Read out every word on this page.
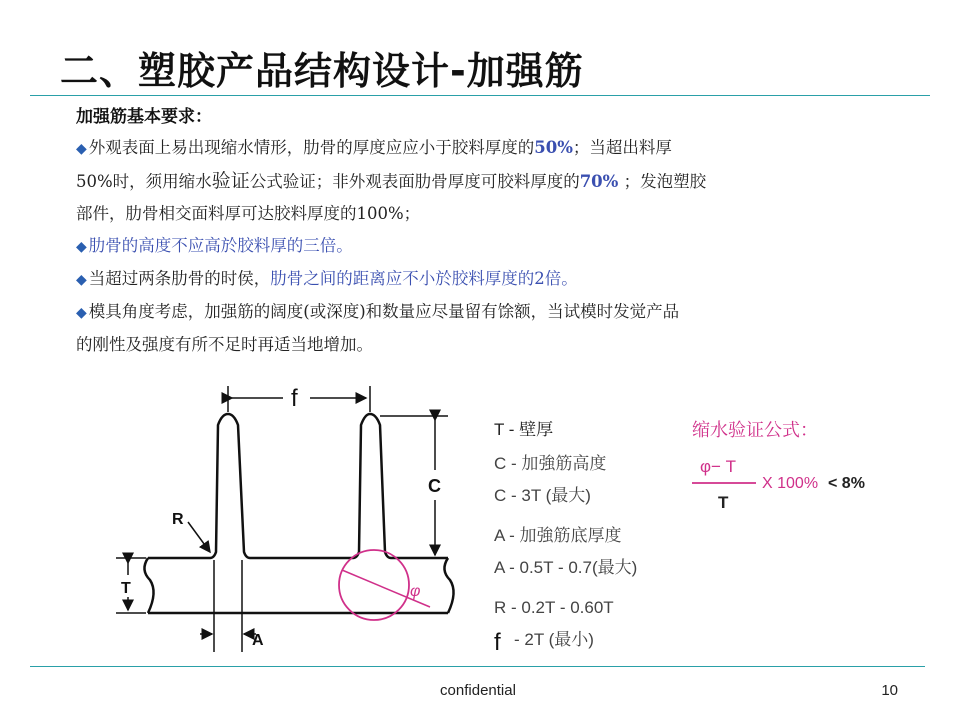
二、塑胶产品结构设计-加强筋
加强筋基本要求：
◆ 外观表面上易出现缩水情形，肋骨的厚度应应小于胶料厚度的50%；当超出料厚
50%时，须用缩水验证公式验证；非外观表面肋骨厚度可胶料厚度的70% ；发泡塑胶
部件，肋骨相交面料厚可达胶料厚度的100%；
◆ 肋骨的高度不应高於胶料厚的三倍。
◆ 当超过两条肋骨的时侯，肋骨之间的距离应不小於胶料厚度的2倍。
◆ 模具角度考虑，加强筋的阔度(或深度)和数量应尽量留有馀额，当试模时发觉产品
的刚性及强度有所不足时再适当地增加。
f
C
R
T
A
φ
T - 壁厚
C - 加強筋高度
C - 3T (最大)
A - 加強筋底厚度
A - 0.5T - 0.7(最大)
R - 0.2T - 0.60T
f - 2T (最小)
缩水验证公式：
φ− T
T
X 100% < 8%
confidential	10
